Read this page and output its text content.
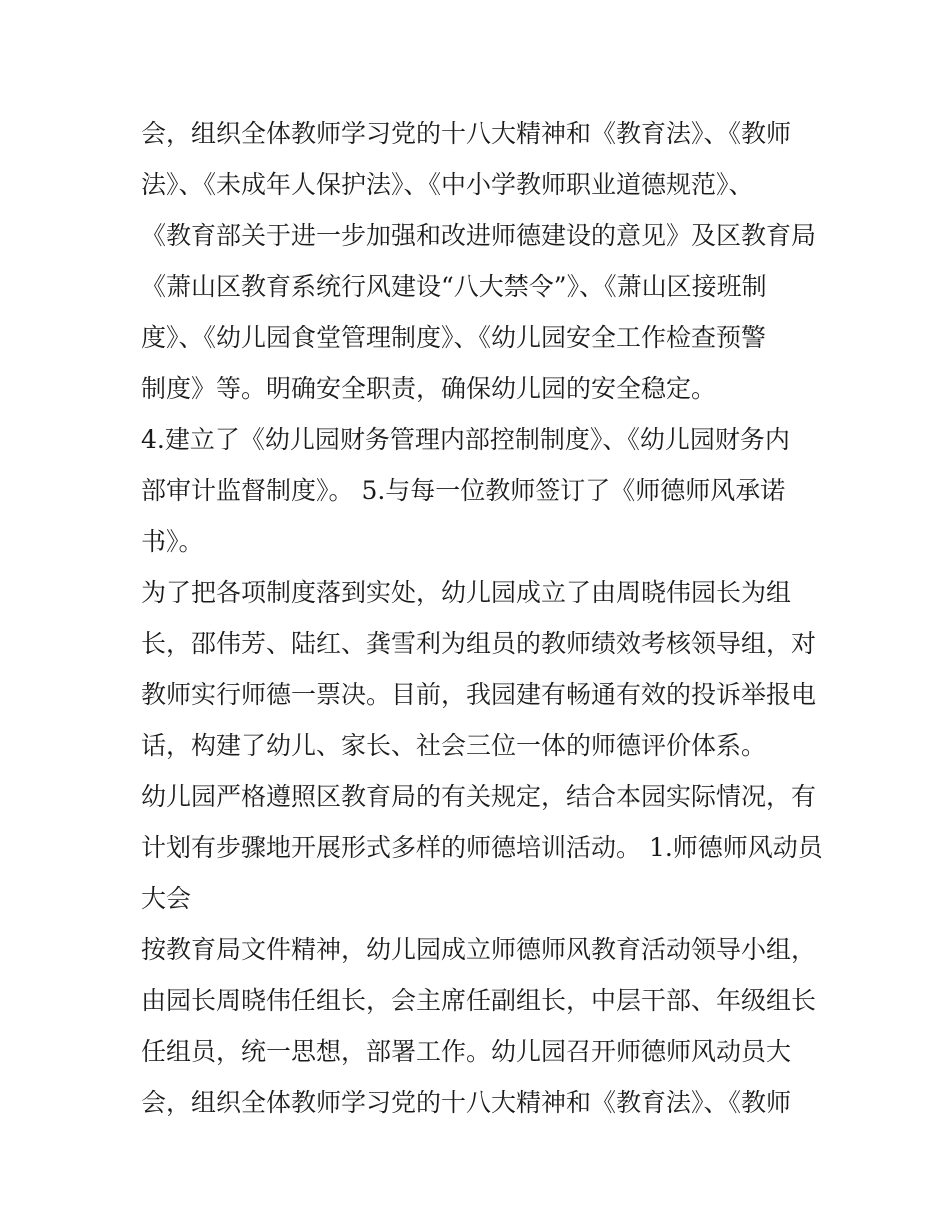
会，组织全体教师学习党的十八大精神和《教育法》、《教师
法》、《未成年人保护法》、《中小学教师职业道德规范》、
《教育部关于进一步加强和改进师德建设的意见》及区教育局
《萧山区教育系统行风建设“八大禁令”》、《萧山区接班制
度》、《幼儿园食堂管理制度》、《幼儿园安全工作检查预警
制度》等。明确安全职责，确保幼儿园的安全稳定。
4.建立了《幼儿园财务管理内部控制制度》、《幼儿园财务内
部审计监督制度》。 5.与每一位教师签订了《师德师风承诺
书》。
为了把各项制度落到实处，幼儿园成立了由周晓伟园长为组
长，邵伟芳、陆红、龚雪利为组员的教师绩效考核领导组，对
教师实行师德一票决。目前，我园建有畅通有效的投诉举报电
话，构建了幼儿、家长、社会三位一体的师德评价体系。
幼儿园严格遵照区教育局的有关规定，结合本园实际情况，有
计划有步骤地开展形式多样的师德培训活动。 1.师德师风动员
大会
按教育局文件精神，幼儿园成立师德师风教育活动领导小组，
由园长周晓伟任组长，会主席任副组长，中层干部、年级组长
任组员，统一思想，部署工作。幼儿园召开师德师风动员大
会，组织全体教师学习党的十八大精神和《教育法》、《教师
